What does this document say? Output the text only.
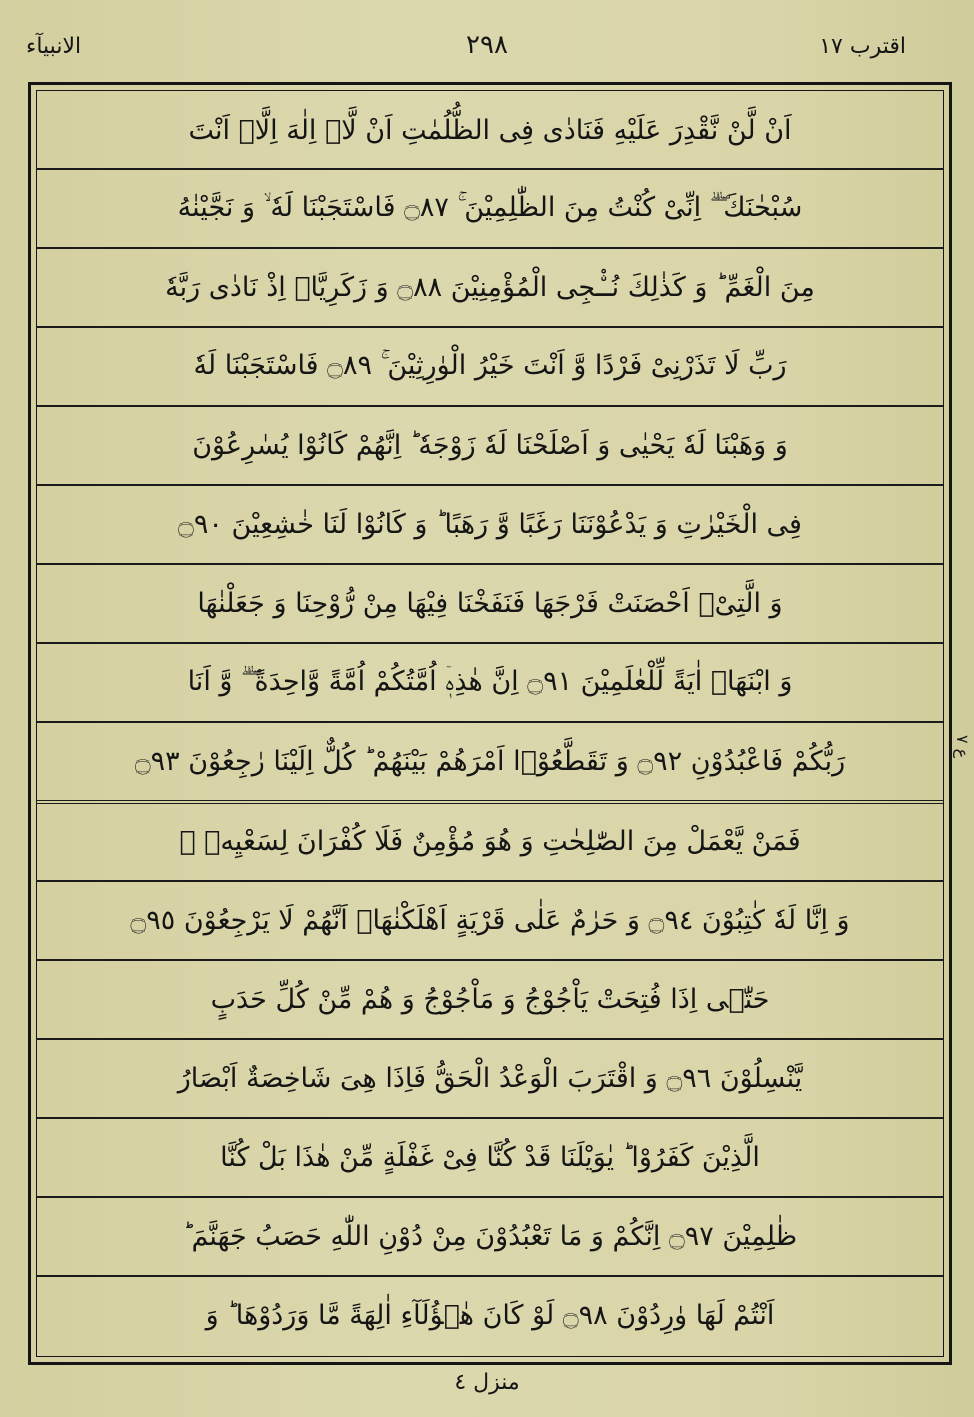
اقترب ١٧
٢٩٨
الانبیآء
اَنْ لَّنْ نَّقْدِرَ عَلَیْهِ فَنَادٰی فِی الظُّلُمٰتِ اَنْ لَّاۤ اِلٰهَ اِلَّاۤ اَنْتَ
سُبْحٰنَكَ ۖ ۗ اِنِّیْ كُنْتُ مِنَ الظّٰلِمِیْنَ ۚ ۝٨٧ فَاسْتَجَبْنَا لَهٗ ۙ وَ نَجَّیْنٰهُ
مِنَ الْغَمِّ ؕ وَ كَذٰلِكَ نُـْۨجِی الْمُؤْمِنِیْنَ ۝٨٨ وَ زَكَرِیَّاۤ اِذْ نَادٰی رَبَّهٗ
رَبِّ لَا تَذَرْنِیْ فَرْدًا وَّ اَنْتَ خَیْرُ الْوٰرِثِیْنَ ۚ ۝٨٩ فَاسْتَجَبْنَا لَهٗ
وَ وَهَبْنَا لَهٗ یَحْیٰی وَ اَصْلَحْنَا لَهٗ زَوْجَهٗ ؕ اِنَّهُمْ كَانُوْا یُسٰرِعُوْنَ
فِی الْخَیْرٰتِ وَ یَدْعُوْنَنَا رَغَبًا وَّ رَهَبًا ؕ وَ كَانُوْا لَنَا خٰشِعِیْنَ ۝٩٠
وَ الَّتِیْۤ اَحْصَنَتْ فَرْجَهَا فَنَفَخْنَا فِیْهَا مِنْ رُّوْحِنَا وَ جَعَلْنٰهَا
وَ ابْنَهَاۤ اٰیَةً لِّلْعٰلَمِیْنَ ۝٩١ اِنَّ هٰذِهٖۤ اُمَّتُكُمْ اُمَّةً وَّاحِدَةً ۖ ۗ وَّ اَنَا
رَبُّكُمْ فَاعْبُدُوْنِ ۝٩٢ وَ تَقَطَّعُوْۤا اَمْرَهُمْ بَیْنَهُمْ ؕ كُلٌّ اِلَیْنَا رٰجِعُوْنَ ۝٩٣
فَمَنْ یَّعْمَلْ مِنَ الصّٰلِحٰتِ وَ هُوَ مُؤْمِنٌ فَلَا كُفْرَانَ لِسَعْیِهٖ ۚ
وَ اِنَّا لَهٗ كٰتِبُوْنَ ۝٩٤ وَ حَرٰمٌ عَلٰی قَرْیَةٍ اَهْلَكْنٰهَاۤ اَنَّهُمْ لَا یَرْجِعُوْنَ ۝٩٥
حَتّٰۤی اِذَا فُتِحَتْ یَاْجُوْجُ وَ مَاْجُوْجُ وَ هُمْ مِّنْ كُلِّ حَدَبٍ
یَّنْسِلُوْنَ ۝٩٦ وَ اقْتَرَبَ الْوَعْدُ الْحَقُّ فَاِذَا هِیَ شَاخِصَةٌ اَبْصَارُ
الَّذِیْنَ كَفَرُوْا ؕ یٰوَیْلَنَا قَدْ كُنَّا فِیْ غَفْلَةٍ مِّنْ هٰذَا بَلْ كُنَّا
ظٰلِمِیْنَ ۝٩٧ اِنَّكُمْ وَ مَا تَعْبُدُوْنَ مِنْ دُوْنِ اللّٰهِ حَصَبُ جَهَنَّمَ ؕ
اَنْتُمْ لَهَا وٰرِدُوْنَ ۝٩٨ لَوْ كَانَ هٰۤؤُلَآءِ اٰلِهَةً مَّا وَرَدُوْهَا ؕ وَ
ع ٧
منزل ٤
